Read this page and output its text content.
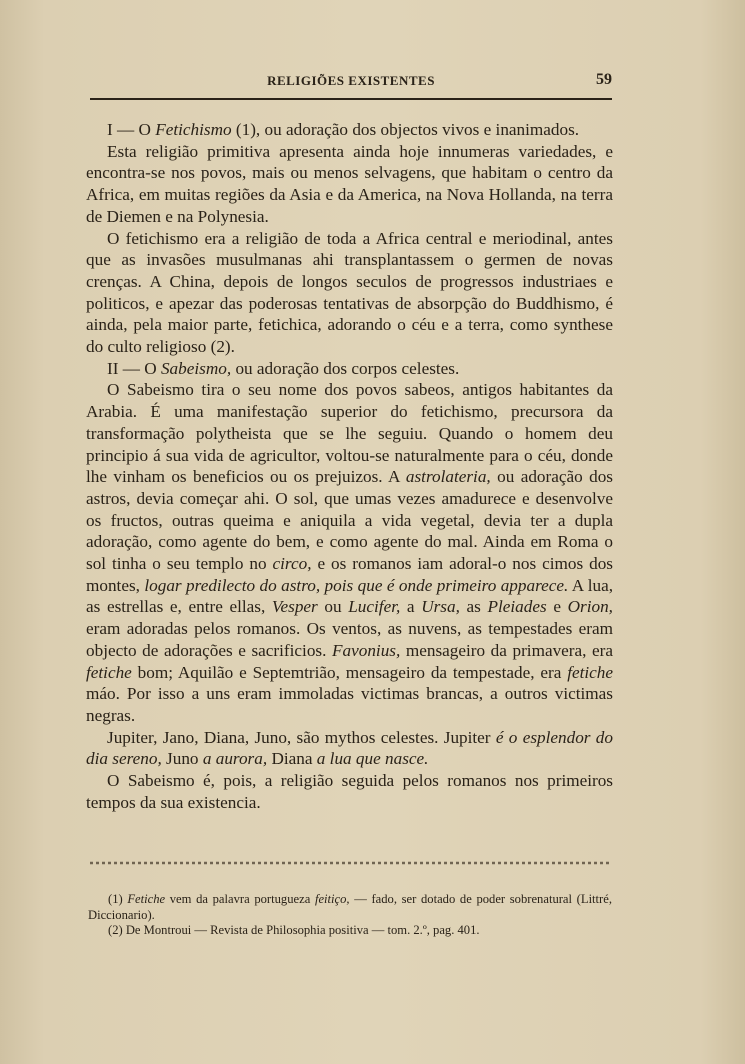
RELIGIÕES EXISTENTES	59

I — O Fetichismo (1), ou adoração dos objectos vivos e inanimados.

Esta religião primitiva apresenta ainda hoje innumeras variedades, e encontra-se nos povos, mais ou menos selvagens, que habitam o centro da Africa, em muitas regiões da Asia e da America, na Nova Hollanda, na terra de Diemen e na Polynesia.

O fetichismo era a religião de toda a Africa central e meriodinal, antes que as invasões musulmanas ahi transplantassem o germen de novas crenças. A China, depois de longos seculos de progressos industriaes e politicos, e apezar das poderosas tentativas de absorpção do Buddhismo, é ainda, pela maior parte, fetichica, adorando o céu e a terra, como synthese do culto religioso (2).

II — O Sabeismo, ou adoração dos corpos celestes.

O Sabeismo tira o seu nome dos povos sabeos, antigos habitantes da Arabia. É uma manifestação superior do fetichismo, precursora da transformação polytheista que se lhe seguiu. Quando o homem deu principio á sua vida de agricultor, voltou-se naturalmente para o céu, donde lhe vinham os beneficios ou os prejuizos. A astrolateria, ou adoração dos astros, devia começar ahi. O sol, que umas vezes amadurece e desenvolve os fructos, outras queima e aniquila a vida vegetal, devia ter a dupla adoração, como agente do bem, e como agente do mal. Ainda em Roma o sol tinha o seu templo no circo, e os romanos iam adoral-o nos cimos dos montes, logar predilecto do astro, pois que é onde primeiro apparece. A lua, as estrellas e, entre ellas, Vesper ou Lucifer, a Ursa, as Pleiades e Orion, eram adoradas pelos romanos. Os ventos, as nuvens, as tempestades eram objecto de adorações e sacrificios. Favonius, mensageiro da primavera, era fetiche bom; Aquilão e Septemtrião, mensageiro da tempestade, era fetiche máo. Por isso a uns eram immoladas victimas brancas, a outros victimas negras.

Jupiter, Jano, Diana, Juno, são mythos celestes. Jupiter é o esplendor do dia sereno, Juno a aurora, Diana a lua que nasce.

O Sabeismo é, pois, a religião seguida pelos romanos nos primeiros tempos da sua existencia.

(1) Fetiche vem da palavra portugueza feitiço, — fado, ser dotado de poder sobrenatural (Littré, Diccionario).

(2) De Montroui — Revista de Philosophia positiva — tom. 2.º, pag. 401.
